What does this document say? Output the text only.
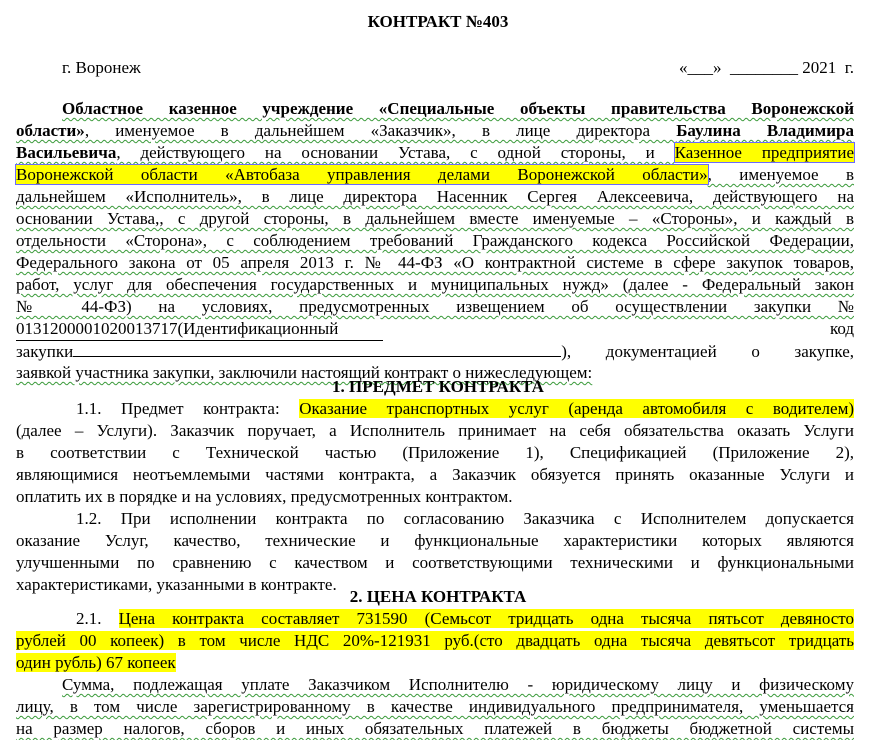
КОНТРАКТ №403
г. Воронеж	«___»  ________ 2021  г.
Областное казенное учреждение «Специальные объекты правительства Воронежской
области», именуемое в дальнейшем «Заказчик», в лице директора Баулина Владимира
Васильевича, действующего на основании Устава, с одной стороны, и Казенное предприятие
Воронежской области «Автобаза управления делами Воронежской области», именуемое в
дальнейшем «Исполнитель», в лице директора Насенник Сергея Алексеевича, действующего на
основании Устава,, с другой стороны, в дальнейшем вместе именуемые – «Стороны», и каждый в
отдельности «Сторона», с соблюдением требований Гражданского кодекса Российской Федерации,
Федерального закона от 05 апреля 2013 г. № 44-ФЗ «О контрактной системе в сфере закупок товаров,
работ, услуг для обеспечения государственных и муниципальных нужд» (далее - Федеральный закон
№ 44-ФЗ) на условиях, предусмотренных извещением об осуществлении закупки №
0131200001020013717(Идентификационный	код
закупки	), документацией о закупке,
заявкой участника закупки, заключили настоящий контракт о нижеследующем:
1. ПРЕДМЕТ КОНТРАКТА
1.1. Предмет контракта: Оказание транспортных услуг (аренда автомобиля с водителем)
(далее – Услуги). Заказчик поручает, а Исполнитель принимает на себя обязательства оказать Услуги
в соответствии с Технической частью (Приложение 1), Спецификацией (Приложение 2),
являющимися неотъемлемыми частями контракта, а Заказчик обязуется принять оказанные Услуги и
оплатить их в порядке и на условиях, предусмотренных контрактом.
1.2. При исполнении контракта по согласованию Заказчика с Исполнителем допускается
оказание Услуг, качество, технические и функциональные характеристики которых являются
улучшенными по сравнению с качеством и соответствующими техническими и функциональными
характеристиками, указанными в контракте.
2. ЦЕНА КОНТРАКТА
2.1. Цена контракта составляет 731590 (Семьсот тридцать одна тысяча пятьсот девяносто
рублей 00 копеек) в том числе НДС 20%-121931 руб.(сто двадцать одна тысяча девятьсот тридцать
один рубль) 67 копеек
Сумма, подлежащая уплате Заказчиком Исполнителю - юридическому лицу и физическому
лицу, в том числе зарегистрированному в качестве индивидуального предпринимателя, уменьшается
на размер налогов, сборов и иных обязательных платежей в бюджеты бюджетной системы
